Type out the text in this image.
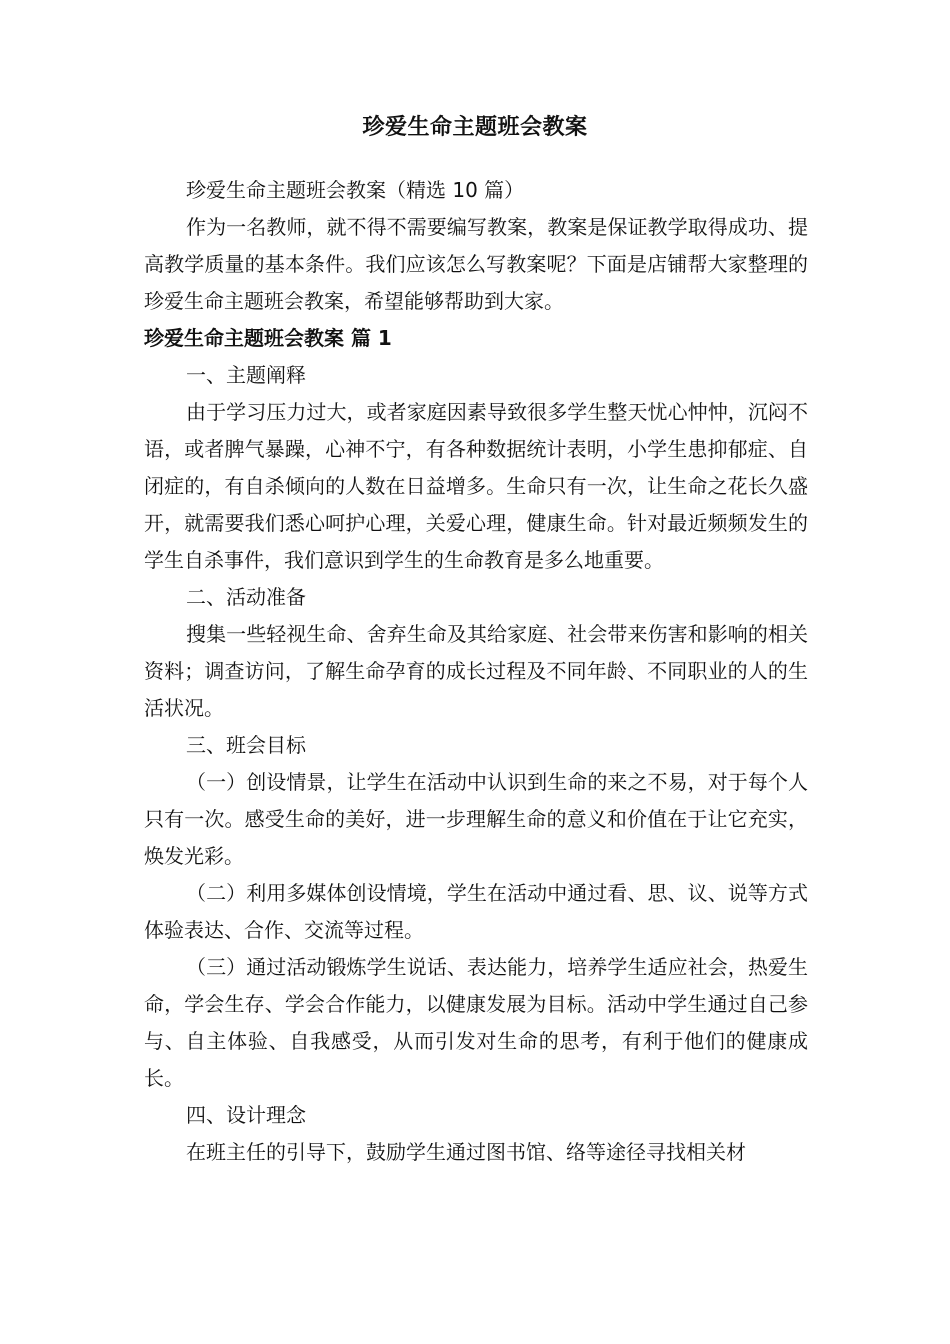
珍爱生命主题班会教案

珍爱生命主题班会教案（精选 10 篇）

作为一名教师，就不得不需要编写教案，教案是保证教学取得成功、提高教学质量的基本条件。我们应该怎么写教案呢？下面是店铺帮大家整理的珍爱生命主题班会教案，希望能够帮助到大家。

珍爱生命主题班会教案 篇 1

一、主题阐释

由于学习压力过大，或者家庭因素导致很多学生整天忧心忡忡，沉闷不语，或者脾气暴躁，心神不宁，有各种数据统计表明，小学生患抑郁症、自闭症的，有自杀倾向的人数在日益增多。生命只有一次，让生命之花长久盛开，就需要我们悉心呵护心理，关爱心理，健康生命。针对最近频频发生的学生自杀事件，我们意识到学生的生命教育是多么地重要。

二、活动准备

搜集一些轻视生命、舍弃生命及其给家庭、社会带来伤害和影响的相关资料；调查访问，了解生命孕育的成长过程及不同年龄、不同职业的人的生活状况。

三、班会目标

（一）创设情景，让学生在活动中认识到生命的来之不易，对于每个人只有一次。感受生命的美好，进一步理解生命的意义和价值在于让它充实，焕发光彩。

（二）利用多媒体创设情境，学生在活动中通过看、思、议、说等方式体验表达、合作、交流等过程。

（三）通过活动锻炼学生说话、表达能力，培养学生适应社会，热爱生命，学会生存、学会合作能力，以健康发展为目标。活动中学生通过自己参与、自主体验、自我感受，从而引发对生命的思考，有利于他们的健康成长。

四、设计理念

在班主任的引导下，鼓励学生通过图书馆、络等途径寻找相关材
